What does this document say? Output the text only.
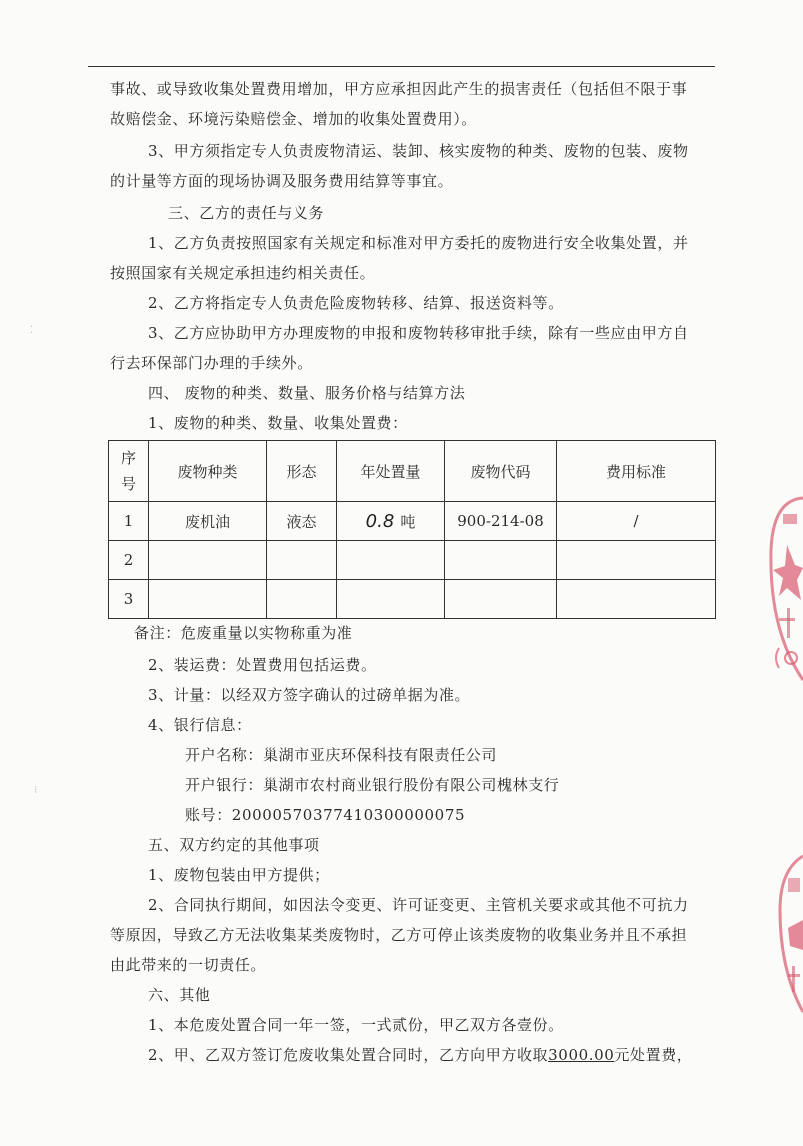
事故、或导致收集处置费用增加，甲方应承担因此产生的损害责任（包括但不限于事
故赔偿金、环境污染赔偿金、增加的收集处置费用）。
3、甲方须指定专人负责废物清运、装卸、核实废物的种类、废物的包装、废物
的计量等方面的现场协调及服务费用结算等事宜。
三、乙方的责任与义务
1、乙方负责按照国家有关规定和标准对甲方委托的废物进行安全收集处置，并
按照国家有关规定承担违约相关责任。
2、乙方将指定专人负责危险废物转移、结算、报送资料等。
3、乙方应协助甲方办理废物的申报和废物转移审批手续，除有一些应由甲方自
行去环保部门办理的手续外。
四、 废物的种类、数量、服务价格与结算方法
1、废物的种类、数量、收集处置费：
序
号	废物种类	形态	年处置量	废物代码	费用标准
1	废机油	液态	0.8 吨	900-214-08	/
2					
3					
备注：危废重量以实物称重为准
2、装运费：处置费用包括运费。
3、计量：以经双方签字确认的过磅单据为准。
4、银行信息：
开户名称：巢湖市亚庆环保科技有限责任公司
开户银行：巢湖市农村商业银行股份有限公司槐林支行
账号：20000570377410300000075
五、双方约定的其他事项
1、废物包装由甲方提供；
2、合同执行期间，如因法令变更、许可证变更、主管机关要求或其他不可抗力
等原因，导致乙方无法收集某类废物时，乙方可停止该类废物的收集业务并且不承担
由此带来的一切责任。
六、其他
1、本危废处置合同一年一签，一式贰份，甲乙双方各壹份。
2、甲、乙双方签订危废收集处置合同时，乙方向甲方收取3000.00元处置费，
⁚
⁝
